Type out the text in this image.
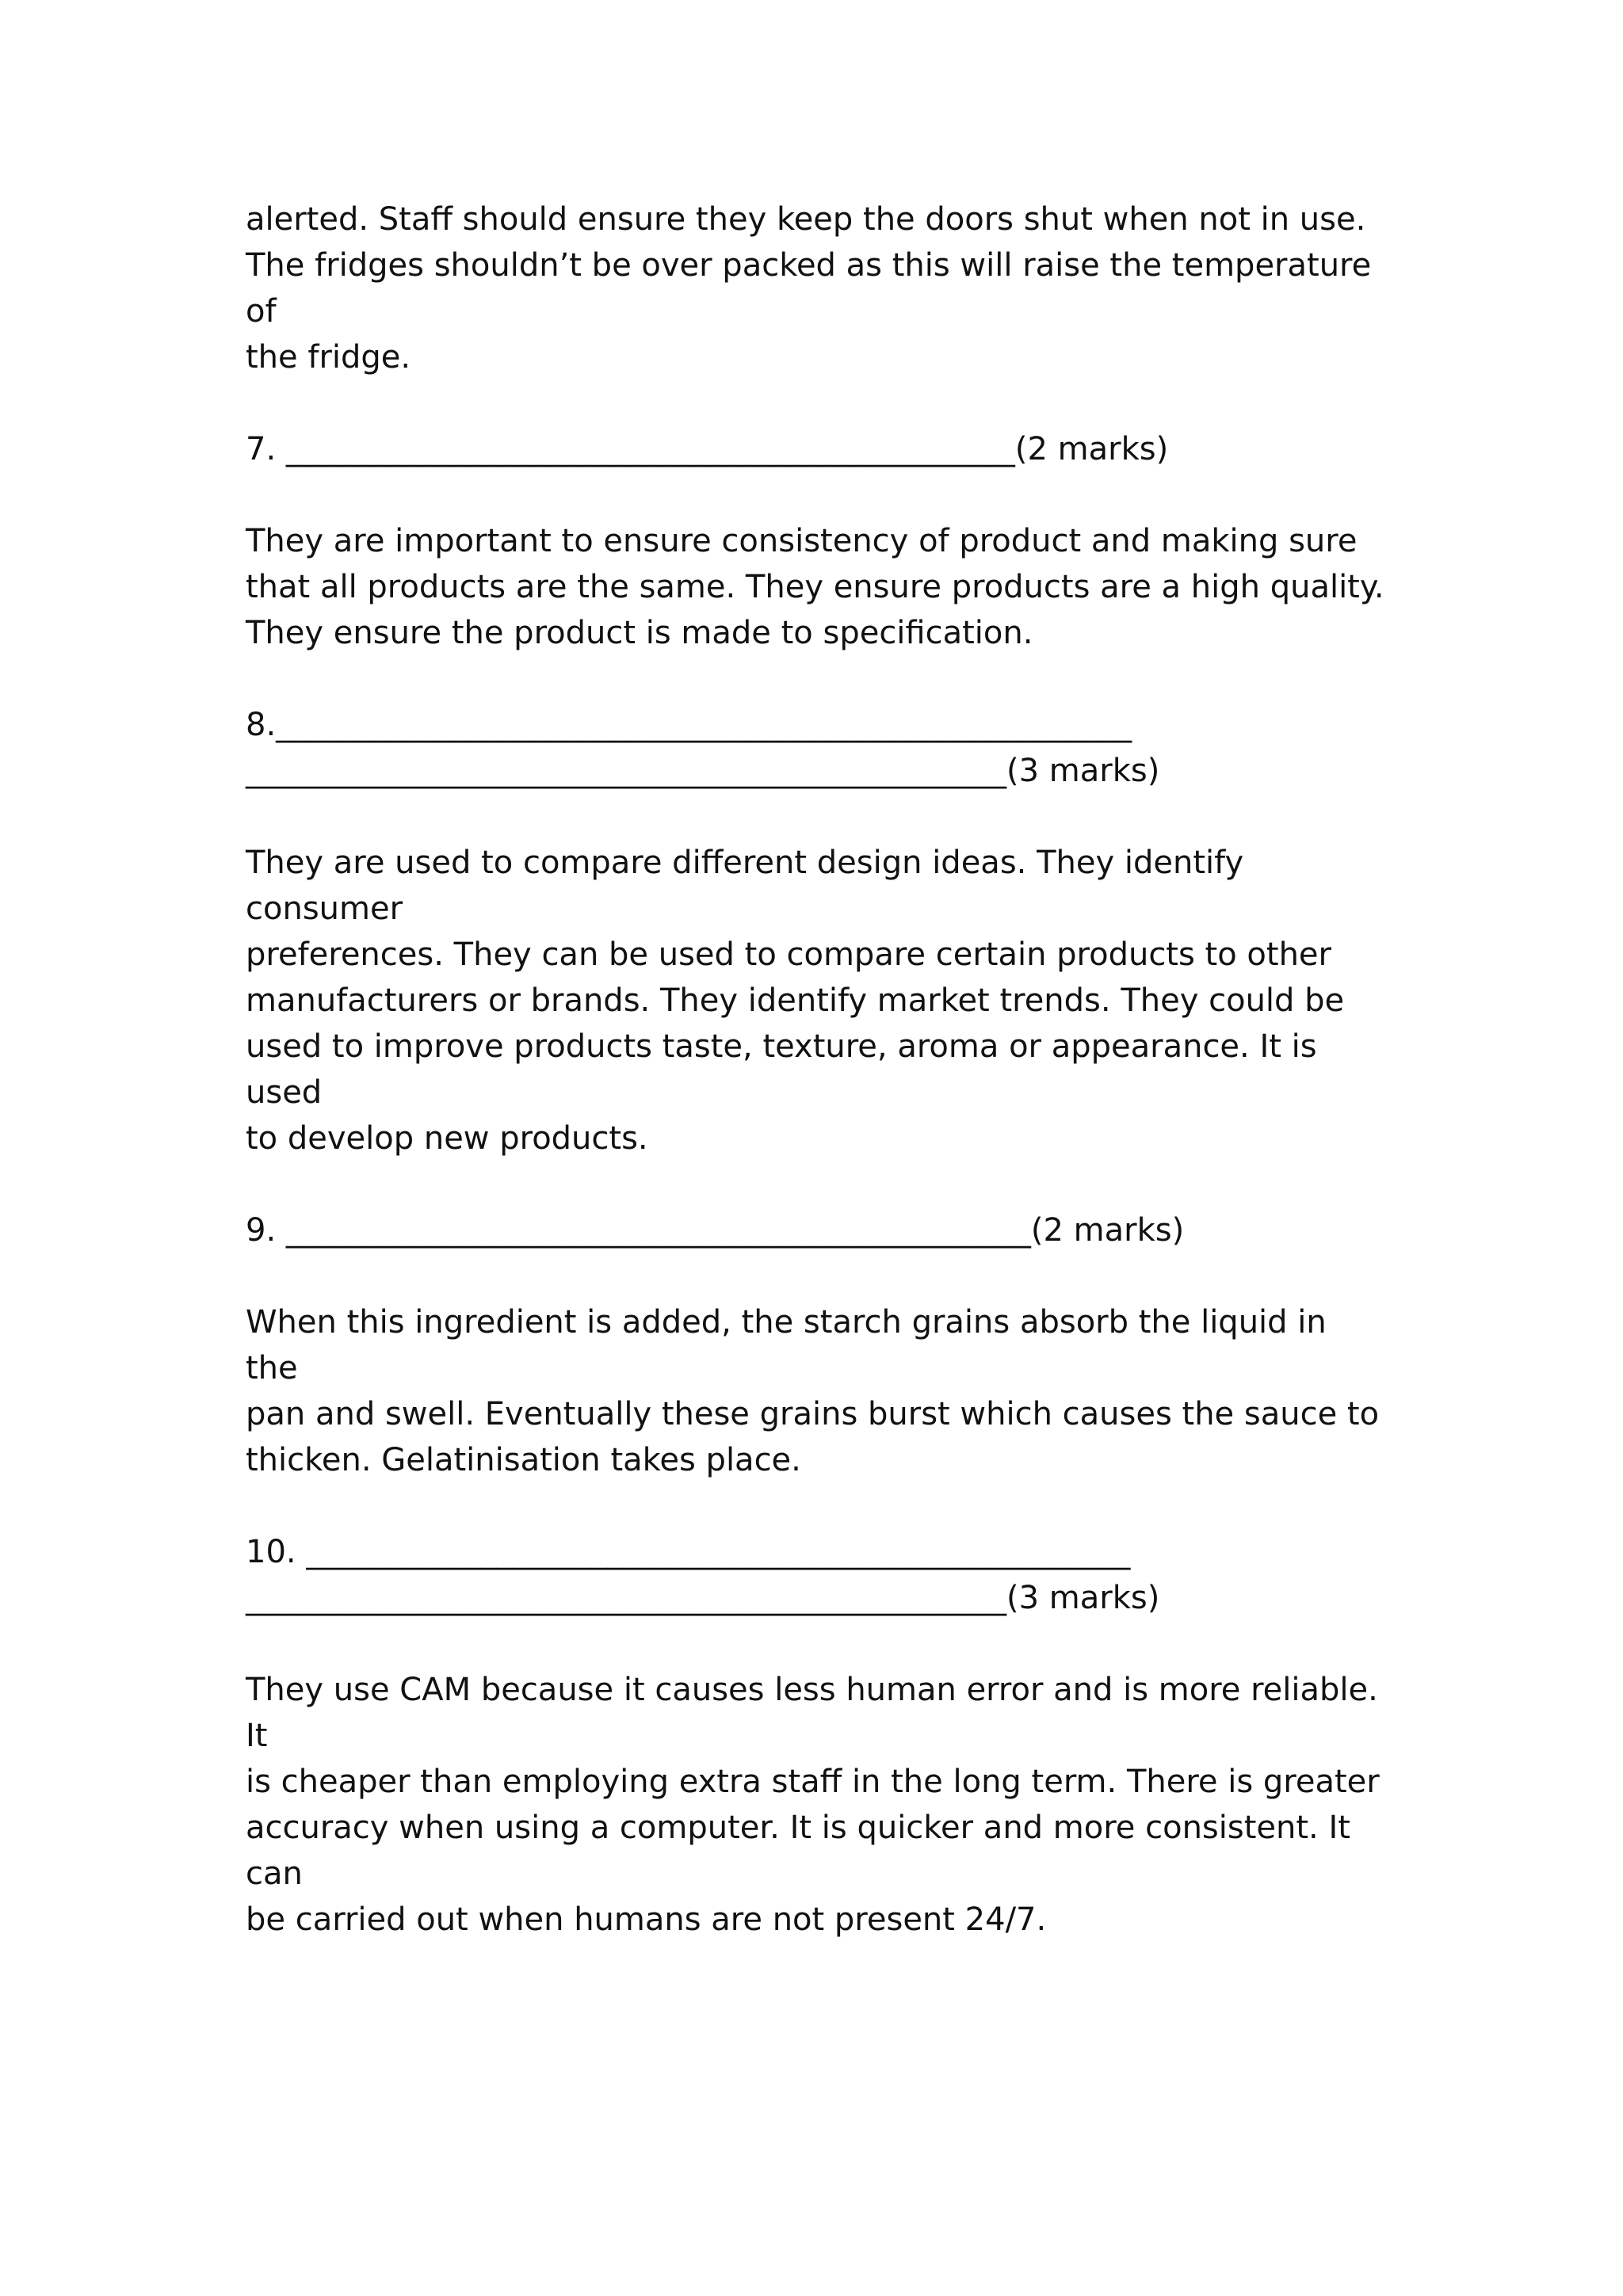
alerted. Staff should ensure they keep the doors shut when not in use.

The fridges shouldn’t be over packed as this will raise the temperature of

the fridge.

7. ______________________________________________(2 marks)

They are important to ensure consistency of product and making sure

that all products are the same. They ensure products are a high quality.

They ensure the product is made to specification.

8.______________________________________________________

________________________________________________(3 marks)

They are used to compare different design ideas. They identify consumer

preferences. They can be used to compare certain products to other

manufacturers or brands. They identify market trends. They could be

used to improve products taste, texture, aroma or appearance. It is used

to develop new products.

9. _______________________________________________(2 marks)

When this ingredient is added, the starch grains absorb the liquid in the

pan and swell. Eventually these grains burst which causes the sauce to

thicken. Gelatinisation takes place.

10. ____________________________________________________

________________________________________________(3 marks)

They use CAM because it causes less human error and is more reliable. It

is cheaper than employing extra staff in the long term. There is greater

accuracy when using a computer. It is quicker and more consistent. It can

be carried out when humans are not present 24/7.
